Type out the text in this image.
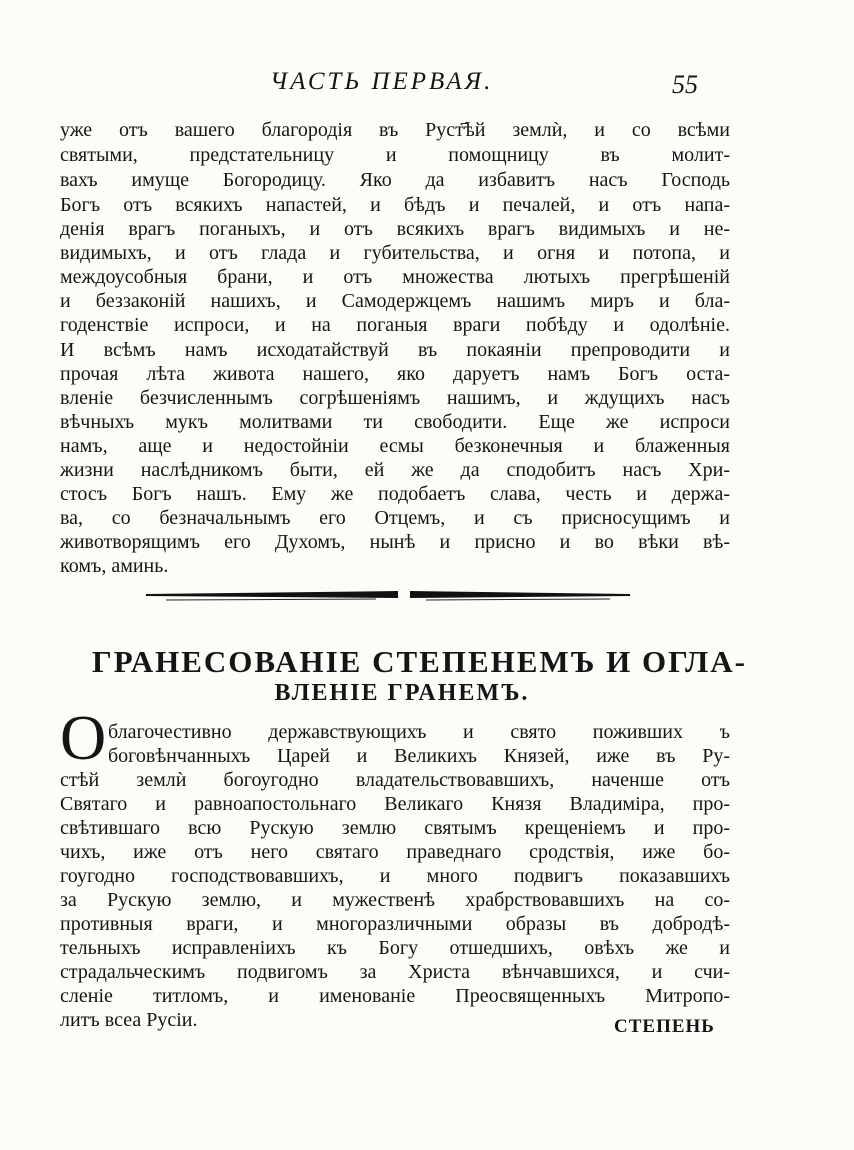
ЧАСТЬ ПЕРВАЯ.	55
уже отъ вашего благородія въ Руст҃ѣй землѝ, и со всѣми
святыми, предстательницу и помощницу въ молит-
вахъ имуще Богородицу. Яко да избавитъ насъ Господь
Богъ отъ всякихъ напастей, и бѣдъ и печалей, и отъ напа-
денія вpагъ поганыхъ, и отъ всякихъ вpагъ видимыхъ и не-
видимыхъ, и отъ глада и губительства, и огня и потопа, и
междоусобныя брани, и отъ множества лютыхъ прегрѣшеній
и беззаконій нашихъ, и Самодержцемъ нашимъ миръ и бла-
годенствіе испроси, и на поганыя враги побѣду и одолѣніе.
И всѣмъ намъ исходатайствуй въ покаяніи препроводити и
прочая лѣта живота нашего, яко даруетъ намъ Богъ оста-
вленіе безчисленнымъ согрѣшеніямъ нашимъ, и ждущихъ насъ
вѣчныхъ мукъ молитвами ти свободити. Еще же испроси
намъ, аще и недостойніи есмы безконечныя и блаженныя
жизни наслѣдникомъ быти, ей же да сподобитъ насъ Хри-
стосъ Богъ нашъ. Ему же подобаетъ слава, честь и держа-
ва, со безначальнымъ его Отцемъ, и съ присносущимъ и
животворящимъ его Духомъ, нынѣ и присно и во вѣки вѣ-
комъ, аминь.
ГРАНЕСОВАНІЕ СТЕПЕНЕМЪ И ОГЛА-
ВЛЕНІЕ ГРАНЕМЪ.
О благочестивно державствующихъ и свято поживших ъ
боговѣнчанныхъ Царей и Великихъ Князей, иже въ Ру-
стѣй землѝ богоугодно владательствовавшихъ, наченше отъ
Святаго и равноапостольнаго Великаго Князя Владиміра, про-
свѣтившаго всю Рускую землю святымъ крещеніемъ и про-
чихъ, иже отъ него святаго праведнаго сродствія, иже бо-
гоугодно господствовавшихъ, и много подвигъ показавшихъ
за Рускую землю, и мужественѣ храбрствовавшихъ на со-
противныя враги, и многоразличными образы въ добродѣ-
тельныхъ исправленіихъ къ Богу отшедшихъ, овѣхъ же и
страдальческимъ подвигомъ за Христа вѣнчавшихся, и счи-
сленіе титломъ, и именованіе Преосвященныхъ Митропо-
литъ всеа Русіи.	СТЕПЕНЬ
